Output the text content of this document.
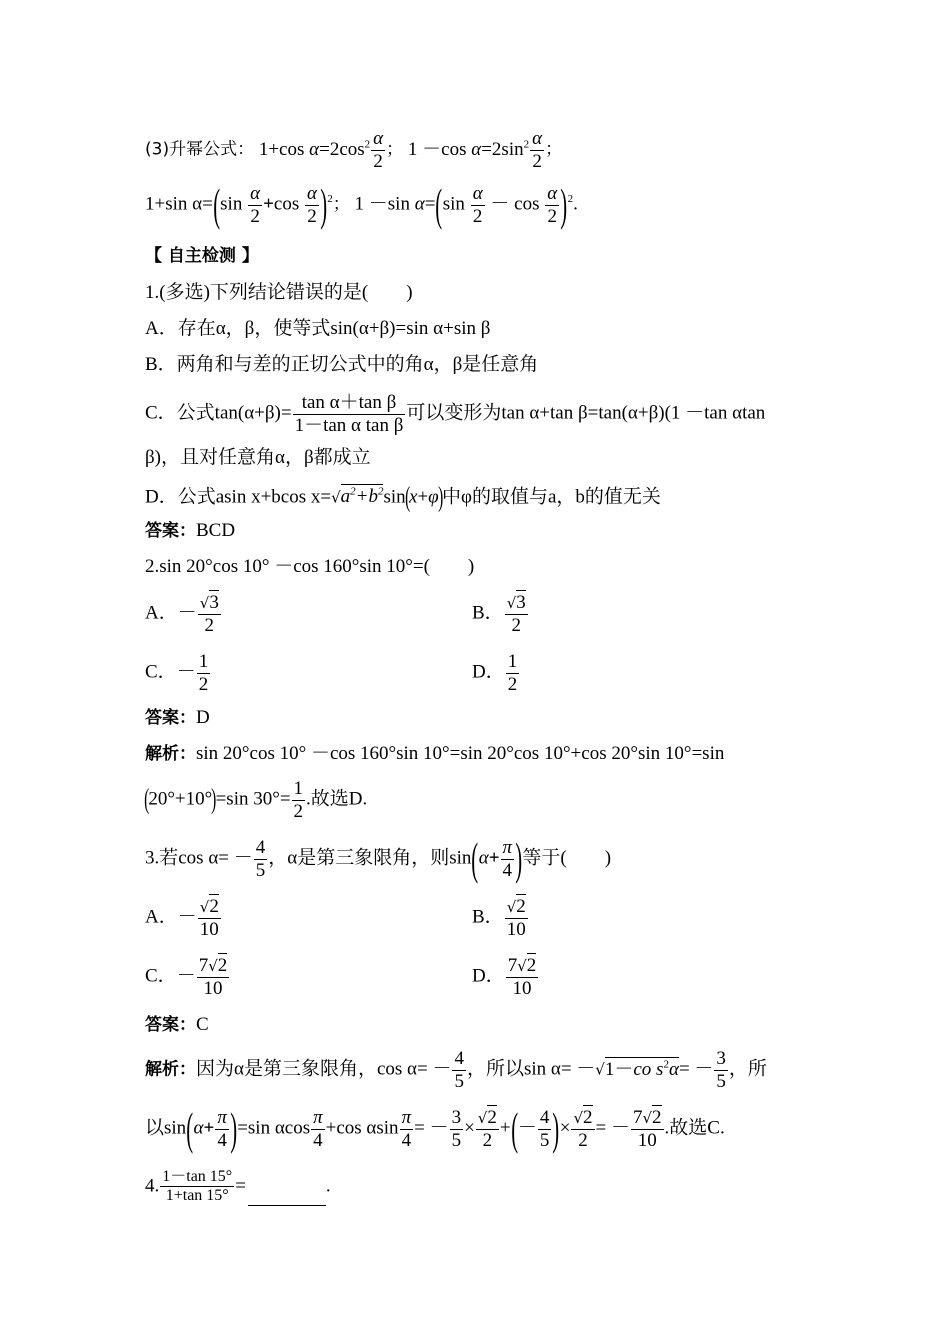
(3)升幂公式： 1+cos $\alpha=2\cos^2 \frac{\alpha}{2}$ ； 1 －cos $\alpha=2\sin^2 \frac{\alpha}{2}$ ；
1+sin $\alpha=(\sin \frac{\alpha}{2} +\cos \frac{\alpha}{2} )^2$； 1 －sin $\alpha=(\sin \frac{\alpha}{2} - \cos \frac{\alpha}{2} )^2$.
【 自主检测 】
1.(多选)下列结论错误的是(　　)
A．存在α，β，使等式sin(α+β)=sin α+sin β
B．两角和与差的正切公式中的角α，β是任意角
C．公式$\tan(\alpha+\beta)= \frac{\text{tan α＋tan β}}{\text{1－tan α tan β}}$ 可以变形为tan α+tan β=tan(α+β)(1 －tan αtan
β)，且对任意角α，β都成立
D．公式asin x+bcos $x=√a^2+b^2\sin(x+\varphi)$中φ的取值与a，b的值无关
答案：BCD
2.sin 20°cos 10° －cos 160°sin 10°=(　　)
A．－ $\frac{√3}{2}$	B． $\frac{√3}{2}$
C．－ $\frac{1}{2}$	D． $\frac{1}{2}$
答案：D
解析：sin 20°cos 10° －cos 160°sin 10°=sin 20°cos 10°+cos 20°sin 10°=sin
(20°+10°)=sin $30^\circ= \frac{1}{2}$ .故选D.
3.若$\cos \alpha= - \frac{4}{5}$ ，α是第三象限角，则$\sin(\alpha+ \frac{\pi}{4}$ )等于(　　)
A．－ $\frac{√2}{10}$	B． $\frac{√2}{10}$
C．－ $\frac{7√2}{10}$	D． $\frac{7√2}{10}$
答案：C
解析：因为α是第三象限角，$\cos \alpha= - \frac{4}{5}$ ，所以sin α= －√1－co $s^2\alpha= - \frac{3}{5}$ ，所
以$\sin(\alpha+ \frac{\pi}{4} )=\sin$ αcos $\frac{\pi}{4} +\cos$ αsin $\frac{\pi}{4}$ = － $\frac{3}{5} \times \frac{√2}{2}$ +(－ $\frac{4}{5}$ )× $\frac{√2}{2}$ = － $\frac{7√2}{10}$ .故选C.
4. $\frac{1-\tan 15^\circ}{1+\tan 15^\circ}$ =	.
